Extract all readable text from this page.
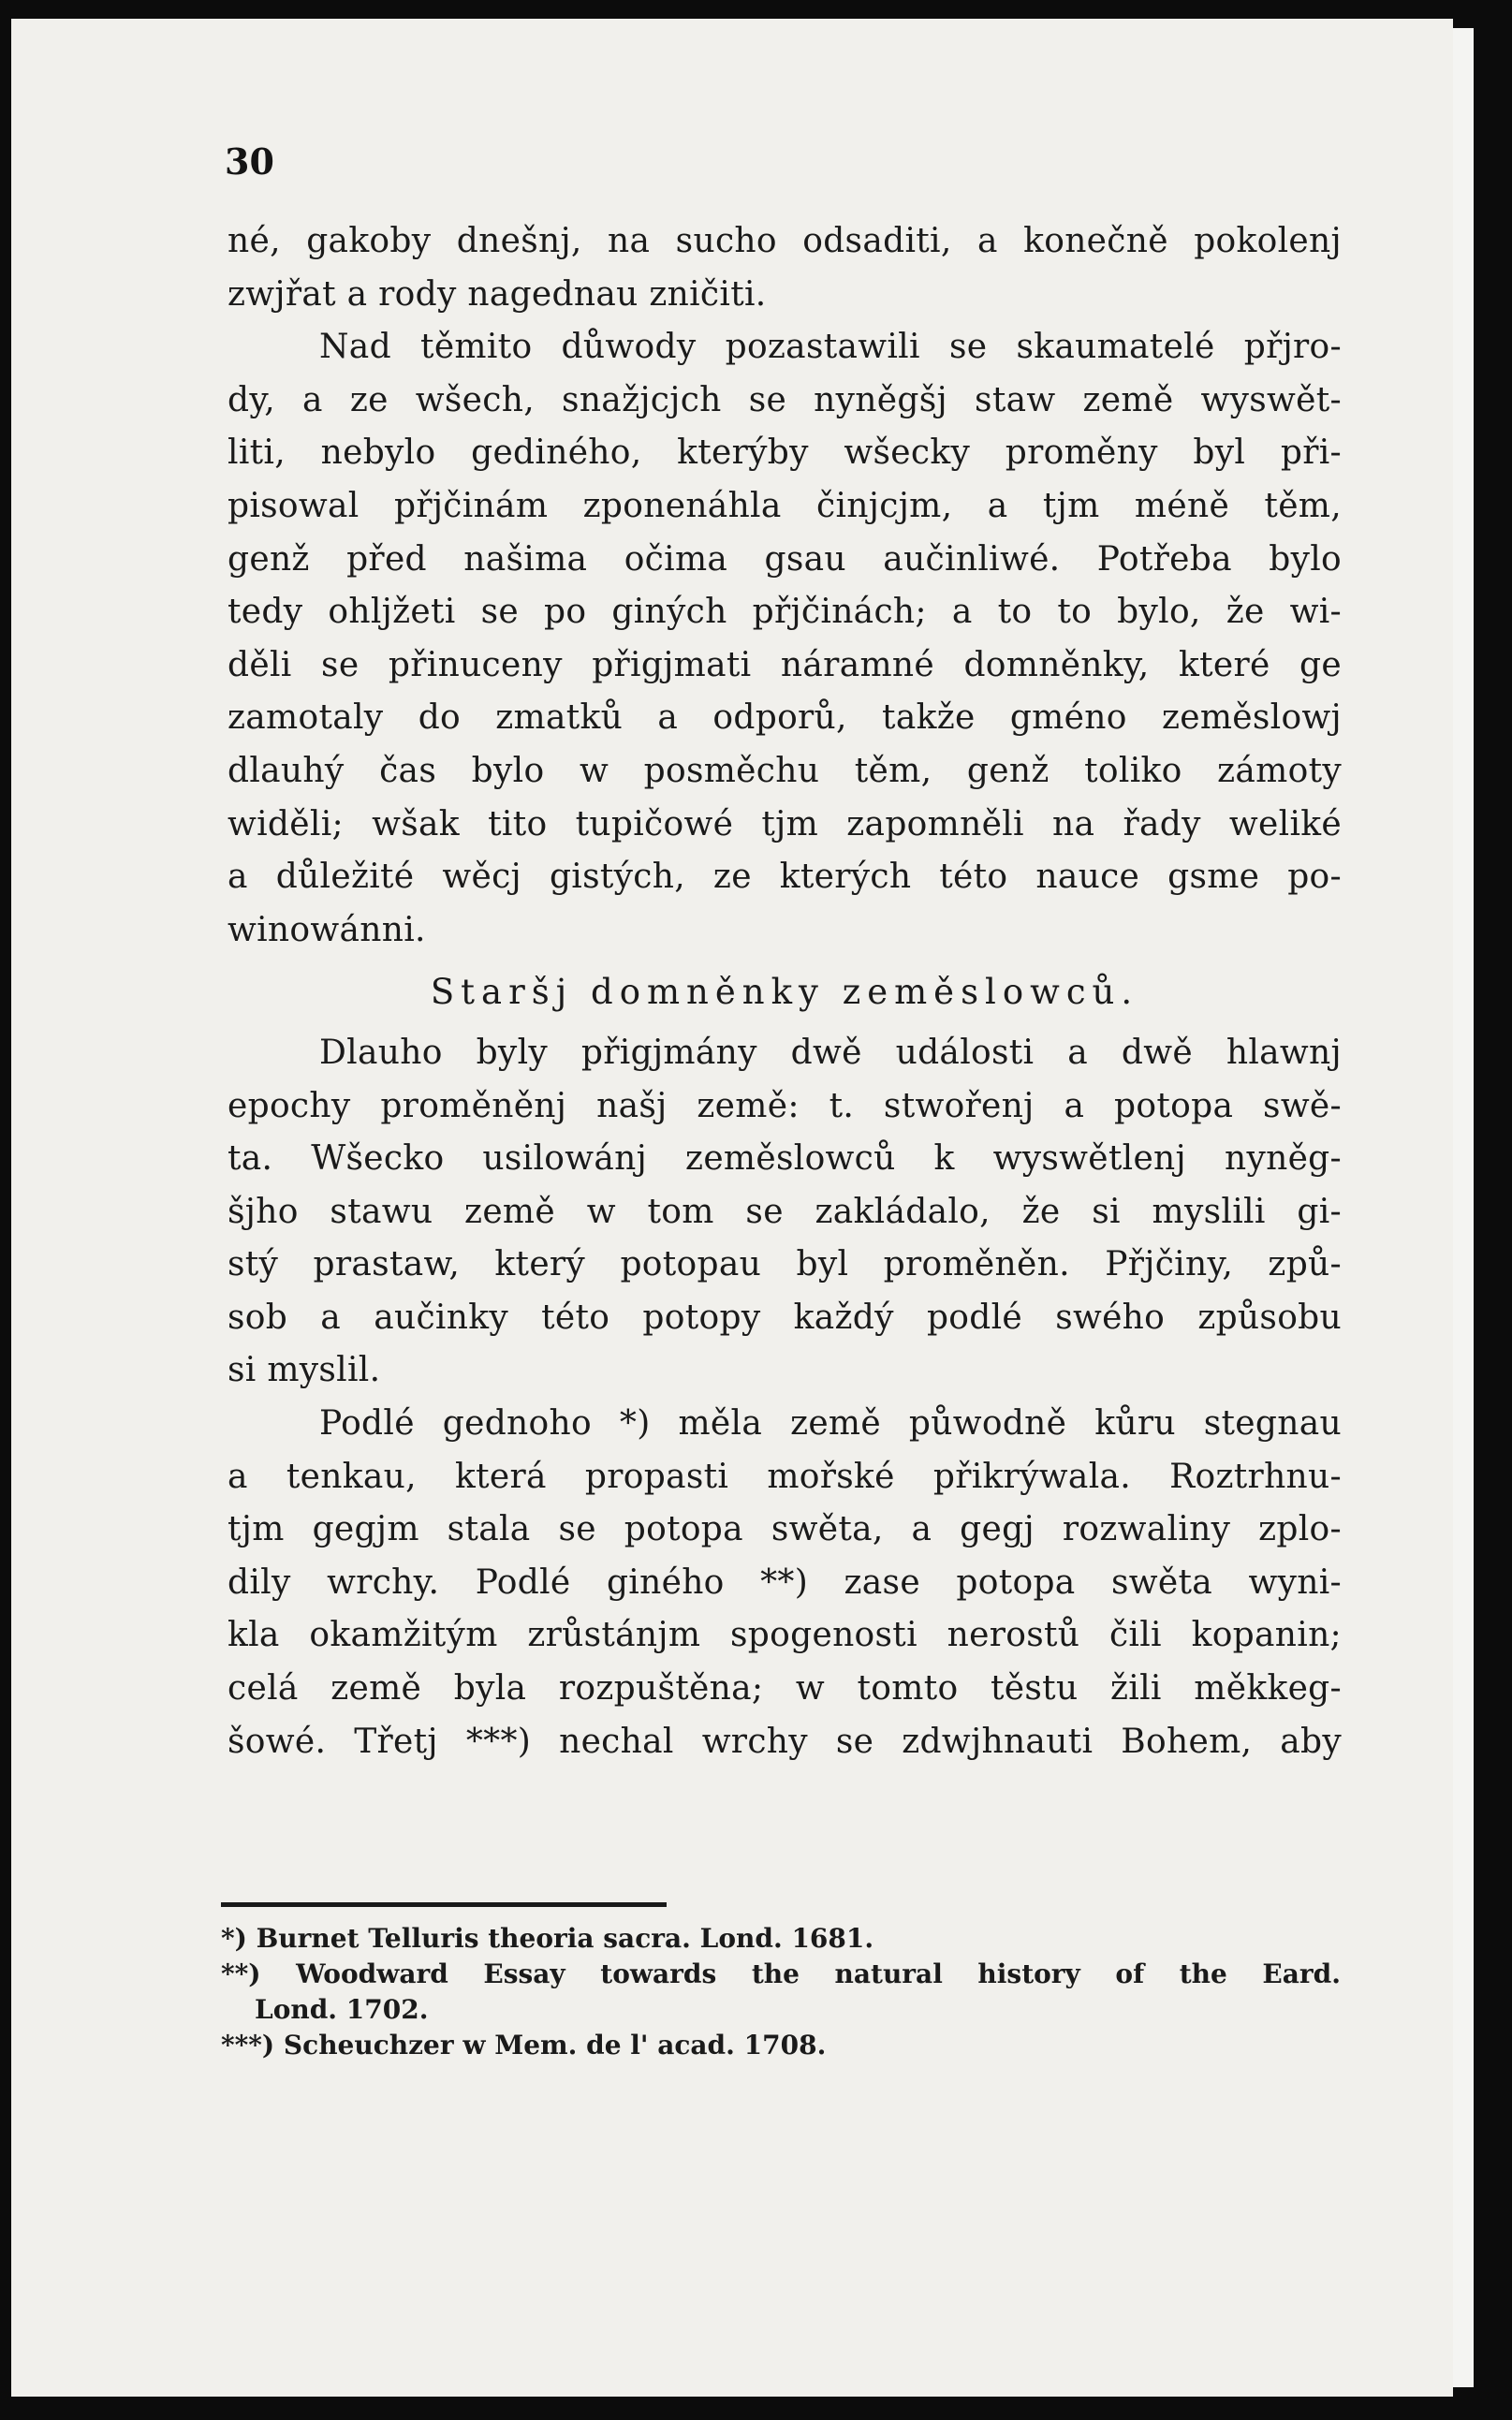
30
né, gakoby dnešnj, na sucho odsaditi, a konečně pokolenj
zwjřat a rody nagednau zničiti.
Nad těmito důwody pozastawili se skaumatelé přjro-
dy, a ze wšech, snažjcjch se nyněgšj staw země wyswět-
liti, nebylo gediného, kterýby wšecky proměny byl při-
pisowal přjčinám zponenáhla činjcjm, a tjm méně těm,
genž před našima očima gsau aučinliwé. Potřeba bylo
tedy ohljžeti se po giných přjčinách; a to to bylo, že wi-
děli se přinuceny přigjmati náramné domněnky, které ge
zamotaly do zmatků a odporů, takže gméno zeměslowj
dlauhý čas bylo w posměchu těm, genž toliko zámoty
widěli; wšak tito tupičowé tjm zapomněli na řady weliké
a důležité wěcj gistých, ze kterých této nauce gsme po-
winowánni.
Staršj domněnky zeměslowců.
Dlauho byly přigjmány dwě události a dwě hlawnj
epochy proměněnj našj země: t. stwořenj a potopa swě-
ta. Wšecko usilowánj zeměslowců k wyswětlenj nyněg-
šjho stawu země w tom se zakládalo, že si myslili gi-
stý prastaw, který potopau byl proměněn. Přjčiny, způ-
sob a aučinky této potopy každý podlé swého způsobu
si myslil.
Podlé gednoho *) měla země půwodně kůru stegnau
a tenkau, která propasti mořské přikrýwala. Roztrhnu-
tjm gegjm stala se potopa swěta, a gegj rozwaliny zplo-
dily wrchy. Podlé giného **) zase potopa swěta wyni-
kla okamžitým zrůstánjm spogenosti nerostů čili kopanin;
celá země byla rozpuštěna; w tomto těstu žili měkkeg-
šowé. Třetj ***) nechal wrchy se zdwjhnauti Bohem, aby
*) Burnet Telluris theoria sacra. Lond. 1681.
**) Woodward Essay towards the natural history of the Eard.
Lond. 1702.
***) Scheuchzer w Mem. de l' acad. 1708.
